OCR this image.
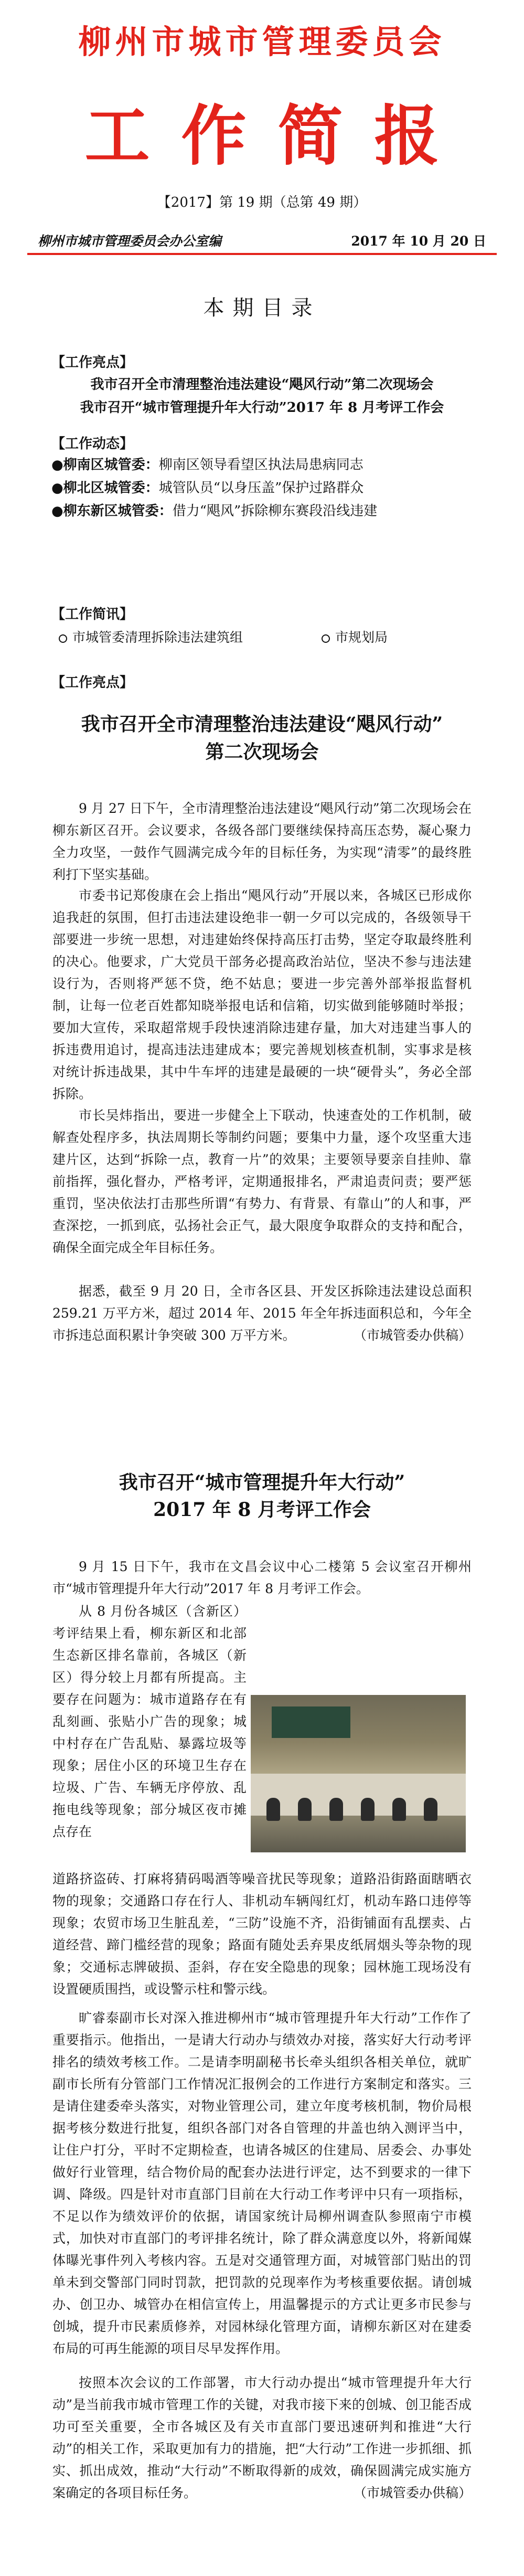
柳州市城市管理委员会
工作简报
【2017】第 19 期（总第 49 期）
柳州市城市管理委员会办公室编	2017 年 10 月 20 日
本期目录
【工作亮点】
我市召开全市清理整治违法建设“飓风行动”第二次现场会
我市召开“城市管理提升年大行动”2017 年 8 月考评工作会
【工作动态】
●柳南区城管委：柳南区领导看望区执法局患病同志
●柳北区城管委：城管队员“以身压盖”保护过路群众
●柳东新区城管委：借力“飓风”拆除柳东赛段沿线违建
【工作简讯】
市城管委清理拆除违法建筑组	市规划局
【工作亮点】
我市召开全市清理整治违法建设“飓风行动”
第二次现场会

9 月 27 日下午，全市清理整治违法建设“飓风行动”第二次现场会在柳东新区召开。会议要求，各级各部门要继续保持高压态势，凝心聚力全力攻坚，一鼓作气圆满完成今年的目标任务，为实现“清零”的最终胜利打下坚实基础。

市委书记郑俊康在会上指出“飓风行动”开展以来，各城区已形成你追我赶的氛围，但打击违法建设绝非一朝一夕可以完成的，各级领导干部要进一步统一思想，对违建始终保持高压打击势，坚定夺取最终胜利的决心。他要求，广大党员干部务必提高政治站位，坚决不参与违法建设行为，否则将严惩不贷，绝不姑息；要进一步完善外部举报监督机制，让每一位老百姓都知晓举报电话和信箱，切实做到能够随时举报；要加大宣传，采取超常规手段快速消除违建存量，加大对违建当事人的拆违费用追讨，提高违法违建成本；要完善规划核查机制，实事求是核对统计拆违战果，其中牛车坪的违建是最硬的一块“硬骨头”，务必全部拆除。

市长吴炜指出，要进一步健全上下联动，快速查处的工作机制，破解查处程序多，执法周期长等制约问题；要集中力量，逐个攻坚重大违建片区，达到“拆除一点，教育一片”的效果；主要领导要亲自挂帅、靠前指挥，强化督办，严格考评，定期通报排名，严肃追责问责；要严惩重罚，坚决依法打击那些所谓“有势力、有背景、有靠山”的人和事，严查深挖，一抓到底，弘扬社会正气，最大限度争取群众的支持和配合，确保全面完成全年目标任务。

据悉，截至 9 月 20 日，全市各区县、开发区拆除违法建设总面积 259.21 万平方米，超过 2014 年、2015 年全年拆违面积总和，今年全市拆违总面积累计争突破 300 万平方米。	（市城管委办供稿）

我市召开“城市管理提升年大行动”
2017 年 8 月考评工作会

9 月 15 日下午，我市在文昌会议中心二楼第 5 会议室召开柳州市“城市管理提升年大行动”2017 年 8 月考评工作会。

从 8 月份各城区（含新区）考评结果上看，柳东新区和北部生态新区排名靠前，各城区（新区）得分较上月都有所提高。主要存在问题为：城市道路存在有乱刻画、张贴小广告的现象；城中村存在广告乱贴、暴露垃圾等现象；居住小区的环境卫生存在垃圾、广告、车辆无序停放、乱拖电线等现象；部分城区夜市摊点存在

道路挤盗砖、打麻将猜码喝酒等噪音扰民等现象；道路沿街路面瞎晒衣物的现象；交通路口存在行人、非机动车辆闯红灯，机动车路口违停等现象；农贸市场卫生脏乱差，“三防”设施不齐，沿街铺面有乱摆卖、占道经营、蹄门槛经营的现象；路面有随处丢弃果皮纸屑烟头等杂物的现象；交通标志牌破损、歪斜，存在安全隐患的现象；园林施工现场没有设置硬质围挡，或设警示柱和警示线。

旷睿泰副市长对深入推进柳州市“城市管理提升年大行动”工作作了重要指示。他指出，一是请大行动办与绩效办对接，落实好大行动考评排名的绩效考核工作。二是请李明副秘书长牵头组织各相关单位，就旷副市长所有分管部门工作情况汇报例会的工作进行方案制定和落实。三是请住建委牵头落实，对物业管理公司，建立年度考核机制，物价局根据考核分数进行批复，组织各部门对各自管理的井盖也纳入测评当中，让住户打分，平时不定期检查，也请各城区的住建局、居委会、办事处做好行业管理，结合物价局的配套办法进行评定，达不到要求的一律下调、降级。四是针对市直部门目前在大行动工作考评中只有一项指标，不足以作为绩效评价的依据，请国家统计局柳州调查队参照南宁市模式，加快对市直部门的考评排名统计，除了群众满意度以外，将新闻媒体曝光事件列入考核内容。五是对交通管理方面，对城管部门贴出的罚单未到交警部门同时罚款，把罚款的兑现率作为考核重要依据。请创城办、创卫办、城管办在相信宣传上，用温馨提示的方式让更多市民参与创城，提升市民素质修养，对园林绿化管理方面，请柳东新区对在建委布局的可再生能源的项目尽早发挥作用。

按照本次会议的工作部署，市大行动办提出“城市管理提升年大行动”是当前我市城市管理工作的关键，对我市接下来的创城、创卫能否成功可至关重要，全市各城区及有关市直部门要迅速研判和推进“大行动”的相关工作，采取更加有力的措施，把“大行动”工作进一步抓细、抓实、抓出成效，推动“大行动”不断取得新的成效，确保圆满完成实施方案确定的各项目标任务。	（市城管委办供稿）
